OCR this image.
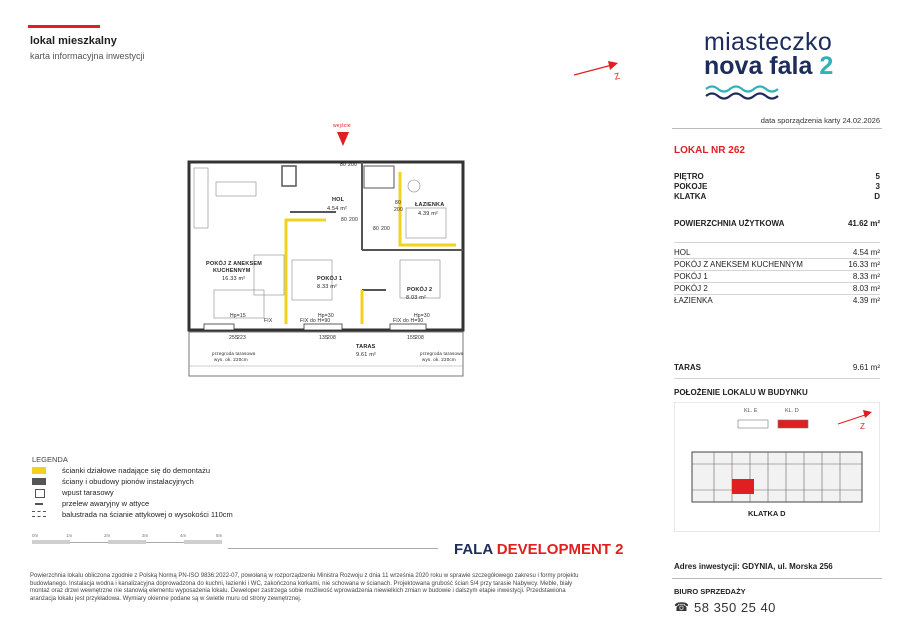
lokal mieszkalny
karta informacyjna inwestycji
Z
miasteczko
nova fala 2
data sporządzenia karty 24.02.2026
LOKAL NR 262
PIĘTRO	5
POKOJE	3
KLATKA	D
POWIERZCHNIA UŻYTKOWA	41.62 m²
HOL	4.54 m²
POKÓJ Z ANEKSEM KUCHENNYM	16.33 m²
POKÓJ 1	8.33 m²
POKÓJ 2	8.03 m²
ŁAZIENKA	4.39 m²
TARAS	9.61 m²
POŁOŻENIE LOKALU W BUDYNKU
Z
KL. E	KL. D
KLATKA D
wejście
HOL
4.54 m²
ŁAZIENKA
4.39 m²
POKÓJ Z ANEKSEM
KUCHENNYM
16.33 m²	POKÓJ 1
8.33 m²	POKÓJ 2
8.03 m²
TARAS
9.61 m²
FIX	FIX do H=90	FIX do H=90
Hp=15	Hp=30	Hp=30
przegroda tarasowa
wys. ok. 220cm
przegroda tarasowa
wys. ok. 220cm
80 200
80
200
80 200
80 200
255 223	135 208	155 208
LEGENDA
ścianki działowe nadające się do demontażu
ściany i obudowy pionów instalacyjnych
wpust tarasowy
przelew awaryjny w attyce
balustrada na ścianie attykowej o wysokości 110cm
0m	1m	2m	3m	4m	5m
FALA DEVELOPMENT 2
Powierzchnia lokalu obliczona zgodnie z Polską Normą PN-ISO 9836:2022-07, powołaną w rozporządzeniu Ministra Rozwoju z dnia 11 września 2020 roku w sprawie szczegółowego zakresu i formy projektu budowlanego. Instalacja wodna i kanalizacyjna doprowadzona do kuchni, łazienki i WC, zakończona korkami, nie schowana w ścianach. Projektowana grubość ścian 5/4 przy tarasie Nabywcy. Meble, biały montaż oraz drzwi wewnętrzne nie stanowią elementu wyposażenia lokalu. Deweloper zastrzega sobie możliwość wprowadzenia niewielkich zmian w budowie i dalszym etapie inwestycji. Przedstawiona aranżacja lokalu jest przykładowa. Wymiary okienne podane są w świetle muru od strony zewnętrznej.
Adres inwestycji: GDYNIA, ul. Morska 256
BIURO SPRZEDAŻY
☎ 58 350 25 40
